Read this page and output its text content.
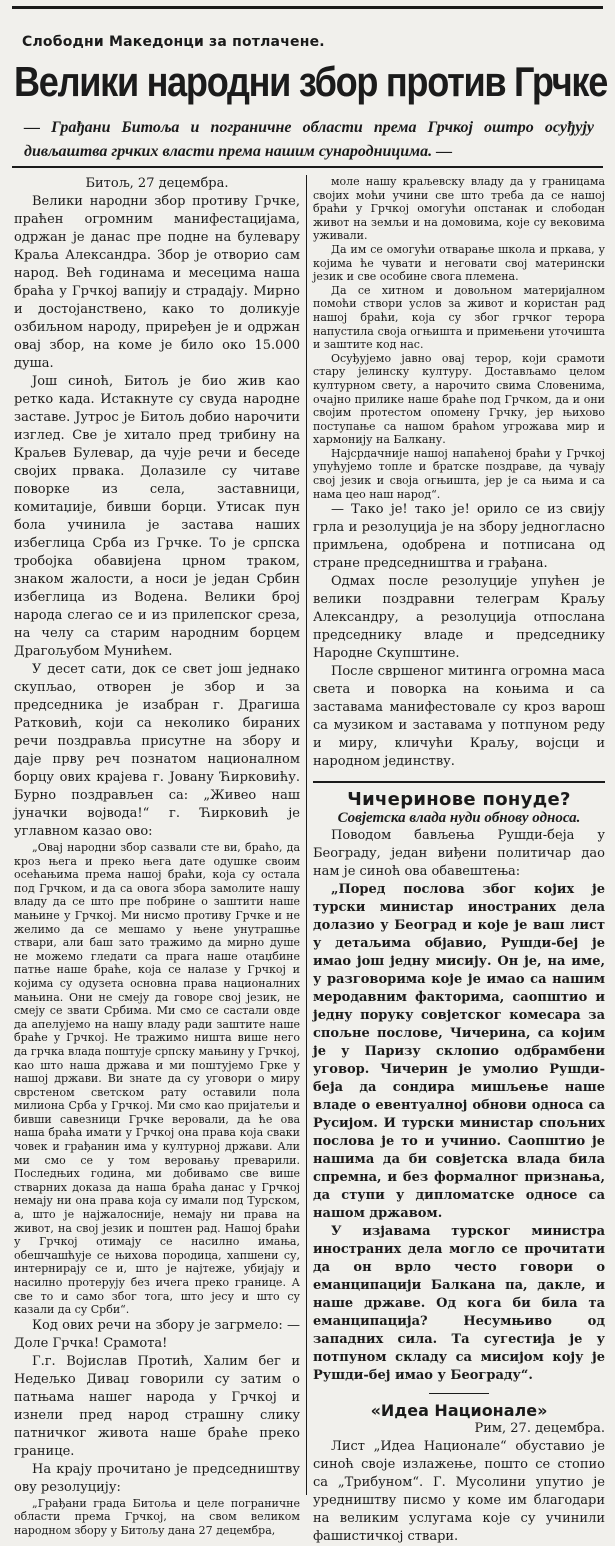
Слободни Македонци за потлачене.
Велики народни збор против Грчке
— Грађани Битоља и пограничне области према Грчкој оштро осуђују дивљаштва грчких власти према нашим сународницима. —

Битољ, 27 децембра.

Велики народни збор противу Грчке, праћен огромним манифестацијама, одржан је данас пре подне на булевару Краља Александра. Збор је отворио сам народ. Већ годинама и месецима наша браћа у Грчкој вапију и страдају. Мирно и достојанствено, како то доликује озбиљном народу, приређен је и одржан овај збор, на коме је било око 15.000 душа.

Још синоћ, Битољ је био жив као ретко када. Истакнуте су свуда народне заставе. Јутрос је Битољ добио нарочити изглед. Све је хитало пред трибину на Краљев Булевар, да чује речи и беседе својих првака. Долазиле су читаве поворке из села, заставници, комитаџије, бивши борци. Утисак пун бола учинила је застава наших избеглица Срба из Грчке. То је српска тробојка обавијена црном траком, знаком жалости, а носи је један Србин избеглица из Водена. Велики број народа слегао се и из прилепског среза, на челу са старим народним борцем Драгољубом Мунићем.

У десет сати, док се свет још једнако скупљао, отворен је збор и за председника је изабран г. Драгиша Ратковић, који са неколико бираних речи поздравља присутне на збору и даје прву реч познатом националном борцу ових крајева г. Јовану Ћирковићу. Бурно поздрављен са: „Живео наш јуначки војвода!“ г. Ћирковић је углавном казао ово:

„Овај народни збор сазвали сте ви, браћо, да кроз њега и преко њега дате одушке своим осећањима према нашој браћи, која су остала под Грчком, и да са овога збора замолите нашу владу да се што пре побрине о заштити наше мањине у Грчкој. Ми нисмо противу Грчке и не желимо да се мешамо у њене унутрашње ствари, али баш зато тражимо да мирно душе не можемо гледати са прага наше отаџбине патње наше браће, која се налазе у Грчкој и којима су одузета основна права националних мањина. Они не смеју да говоре свој језик, не смеју се звати Србима. Ми смо се састали овде да апелујемо на нашу владу ради заштите наше браће у Грчкој. Не тражимо ништа више него да грчка влада поштује српску мањину у Грчкој, као што наша држава и ми поштујемо Грке у нашој држави. Ви знате да су уговори о миру сврстеном светском рату оставили пола милиона Срба у Грчкој. Ми смо као пријатељи и бивши савезници Грчке веровали, да ће ова наша браћа имати у Грчкој она права која сваки човек и грађанин има у културној држави. Али ми смо се у том веровању преварили. Последњих година, ми добивамо све више стварних доказа да наша браћа данас у Грчкој немају ни она права која су имали под Турском, а, што је најжалосније, немају ни права на живот, на свој језик и поштен рад. Нашој браћи у Грчкој отимају се насилно имања, обешчашћује се њихова породица, хапшени су, интернирају се и, што је најтеже, убијају и насилно протерују без ичега преко границе. А све то и само због тога, што јесу и што су казали да су Срби“.

Код ових речи на збору је загрмело: — Доле Грчка! Срамота!

Г.г. Војислав Протић, Халим бег и Недељко Диваџ говорили су затим о патњама нашег народа у Грчкој и изнели пред народ страшну слику патничког живота наше браће преко границе.

На крају прочитано је председништву ову резолуцију:

„Грађани града Битоља и целе пограничне области према Грчкој, на свом великом народном збору у Битољу дана 27 децембра,

моле нашу краљевску владу да у границама својих моћи учини све што треба да се нашој браћи у Грчкој омогући опстанак и слободан живот на земљи и на домовима, које су вековима уживали.

Да им се омогући отварање школа и пркава, у којима ће чувати и неговати свој матерински језик и све особине свога племена.

Да се хитном и довољном материјалном помоћи створи услов за живот и користан рад нашој браћи, која су због грчког терора напустила своја огњишта и примењени уточишта и заштите код нас.

Осуђујемо јавно овај терор, који срамоти стару јелинску културу. Достављамо целом културном свету, а нарочито свима Словенима, очајно прилике наше браће под Грчком, да и они својим протестом опомену Грчку, јер њихово поступање са нашом браћом угрожава мир и хармонију на Балкану.

Најсрдачније нашој напаћеној браћи у Грчкој упућујемо топле и братске поздраве, да чувају свој језик и своја огњишта, јер је са њима и са нама цео наш народ“.

— Тако је! тако је! орило се из свију грла и резолуција је на збору једногласно примљена, одобрена и потписана од стране председништва и грађана.

Одмах после резолуције упућен је велики поздравни телеграм Краљу Александру, а резолуција отпослана председнику владе и председнику Народне Скупштине.

После свршеног митинга огромна маса света и поворка на коњима и са заставама манифестовале су кроз варош са музиком и заставама у потпуном реду и миру, кличући Краљу, војсци и народном јединству.

Чичеринове понуде?

Совјетска влада нуди обнову односа.

Поводом бављења Рушди-беја у Београду, један виђени политичар дао нам је синоћ ова обавештења:

„Поред послова због којих је турски министар иностраних дела долазио у Београд и које је ваш лист у детаљима објавио, Рушди-беј је имао још једну мисију. Он је, на име, у разговорима које је имао са нашим меродавним факторима, саопштио и једну поруку совјетског комесара за спољне послове, Чичерина, са којим је у Паризу склопио одбрамбени уговор. Чичерин је умолио Рушди-беја да сондира мишљење наше владе о евентуалној обнови односа са Русијом. И турски министар спољних послова је то и учинио. Саопштио је нашима да би совјетска влада била спремна, и без формалног признања, да ступи у дипломатске односе са нашом државом.

У изјавама турског министра иностраних дела могло се прочитати да он врло често говори о еманципацији Балкана па, дакле, и наше државе. Од кога би била та еманципација? Несумњиво од западних сила. Та сугестија је у потпуном складу са мисијом коју је Рушди-беј имао у Београду“.

«Идеа Национале»

Рим, 27. децембра.

Лист „Идеа Национале“ обуставио је синоћ своје излажење, пошто се стопио са „Трибуном“. Г. Мусолини упутио је уредништву писмо у коме им благодари на великим услугама које су учинили фашистичкој ствари.
